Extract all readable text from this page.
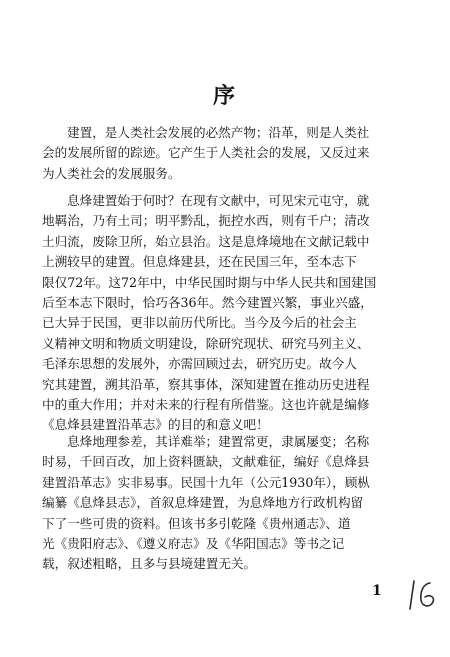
序
建置，是人类社会发展的必然产物；沿革，则是人类社
会的发展所留的踪迹。它产生于人类社会的发展，又反过来
为人类社会的发展服务。
息烽建置始于何时？在现有文献中，可见宋元屯守，就
地羁治，乃有土司；明平黔乱，扼控水西，则有千户；清改
土归流，废除卫所，始立县治。这是息烽境地在文献记载中
上溯较早的建置。但息烽建县，还在民国三年，至本志下
限仅72年。这72年中，中华民国时期与中华人民共和国建国
后至本志下限时，恰巧各36年。然今建置兴繁，事业兴盛，
已大异于民国，更非以前历代所比。当今及今后的社会主
义精神文明和物质文明建设，除研究现状、研究马列主义、
毛泽东思想的发展外，亦需回顾过去，研究历史。故今人
究其建置，溯其沿革，察其事体，深知建置在推动历史进程
中的重大作用；并对未来的行程有所借鉴。这也许就是编修
《息烽县建置沿革志》的目的和意义吧！
息烽地理参差，其详难举；建置常更，隶属屡变；名称
时易，千回百改，加上资料匮缺，文献难征，编好《息烽县
建置沿革志》实非易事。民国十九年（公元1930年），顾枞
编纂《息烽县志》，首叙息烽建置，为息烽地方行政机构留
下了一些可贵的资料。但该书多引乾隆《贵州通志》、道
光《贵阳府志》、《遵义府志》及《华阳国志》等书之记
载，叙述粗略，且多与县境建置无关。
1
